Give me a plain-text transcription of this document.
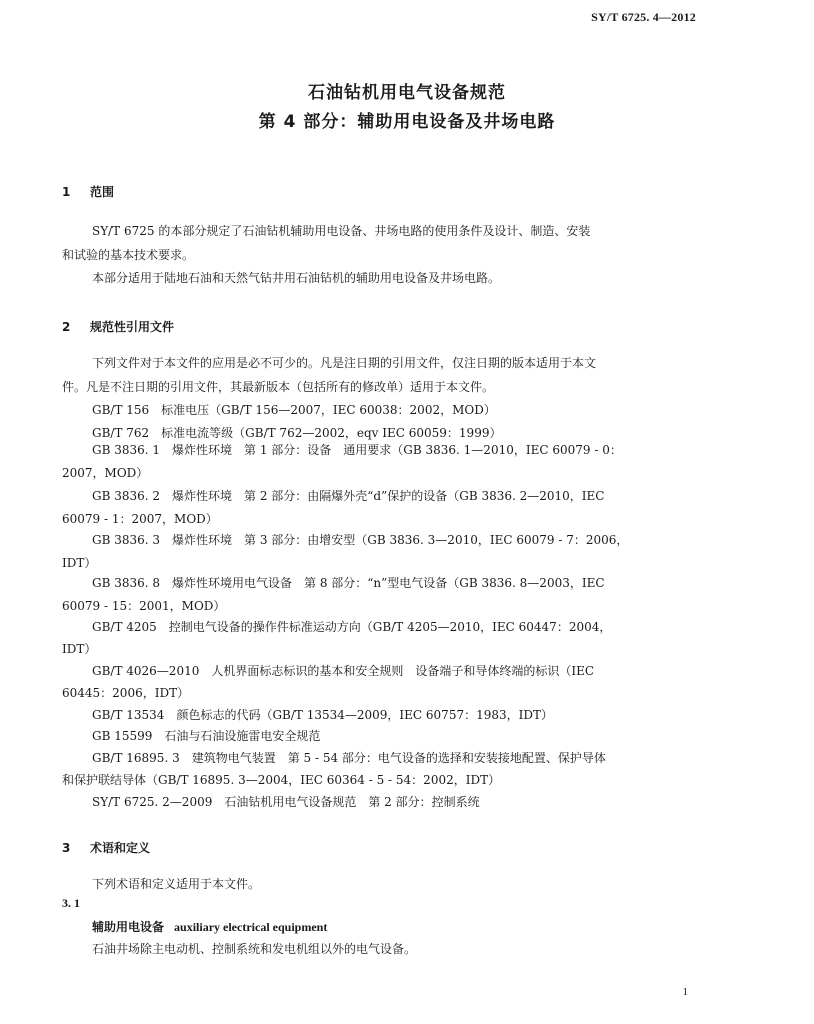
SY/T 6725. 4—2012
石油钻机用电气设备规范
第 4 部分：辅助用电设备及井场电路
1 范围
SY/T 6725 的本部分规定了石油钻机辅助用电设备、井场电路的使用条件及设计、制造、安装
和试验的基本技术要求。
本部分适用于陆地石油和天然气钻井用石油钻机的辅助用电设备及井场电路。
2 规范性引用文件
下列文件对于本文件的应用是必不可少的。凡是注日期的引用文件，仅注日期的版本适用于本文
件。凡是不注日期的引用文件，其最新版本（包括所有的修改单）适用于本文件。
GB/T 156　标准电压（GB/T 156—2007，IEC 60038：2002，MOD）
GB/T 762　标准电流等级（GB/T 762—2002，eqv IEC 60059：1999）
GB 3836. 1　爆炸性环境　第 1 部分：设备　通用要求（GB 3836. 1—2010，IEC 60079 - 0：
2007，MOD）
GB 3836. 2　爆炸性环境　第 2 部分：由隔爆外壳“d”保护的设备（GB 3836. 2—2010，IEC
60079 - 1：2007，MOD）
GB 3836. 3　爆炸性环境　第 3 部分：由增安型（GB 3836. 3—2010，IEC 60079 - 7：2006，
IDT）
GB 3836. 8　爆炸性环境用电气设备　第 8 部分：“n”型电气设备（GB 3836. 8—2003，IEC
60079 - 15：2001，MOD）
GB/T 4205　控制电气设备的操作件标准运动方向（GB/T 4205—2010，IEC 60447：2004，
IDT）
GB/T 4026—2010　人机界面标志标识的基本和安全规则　设备端子和导体终端的标识（IEC
60445：2006，IDT）
GB/T 13534　颜色标志的代码（GB/T 13534—2009，IEC 60757：1983，IDT）
GB 15599　石油与石油设施雷电安全规范
GB/T 16895. 3　建筑物电气装置　第 5 - 54 部分：电气设备的选择和安装接地配置、保护导体
和保护联结导体（GB/T 16895. 3—2004，IEC 60364 - 5 - 54：2002，IDT）
SY/T 6725. 2—2009　石油钻机用电气设备规范　第 2 部分：控制系统
3 术语和定义
下列术语和定义适用于本文件。
3. 1
辅助用电设备 auxiliary electrical equipment
石油井场除主电动机、控制系统和发电机组以外的电气设备。
1
